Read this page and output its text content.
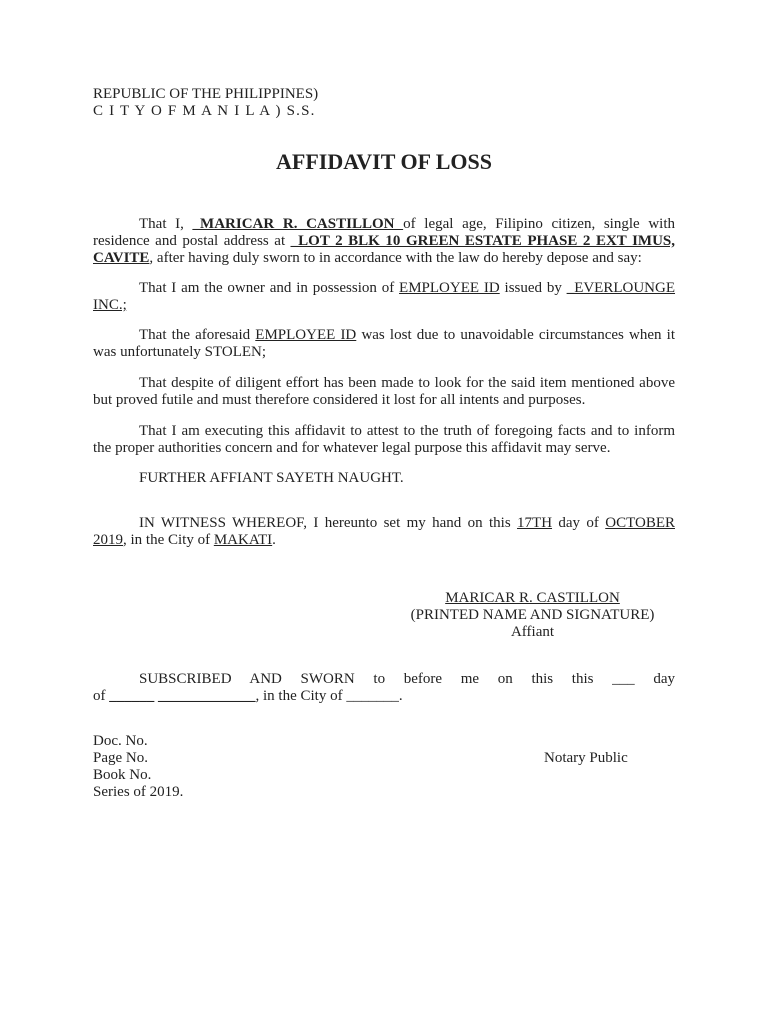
REPUBLIC OF THE PHILIPPINES)
C I T Y O F M A N I L A ) S.S.
AFFIDAVIT OF LOSS
That I, _MARICAR R. CASTILLON of legal age, Filipino citizen, single with residence and postal address at _LOT 2 BLK 10 GREEN ESTATE PHASE 2 EXT IMUS, CAVITE, after having duly sworn to in accordance with the law do hereby depose and say:
That I am the owner and in possession of EMPLOYEE ID issued by _EVERLOUNGE INC.;
That the aforesaid EMPLOYEE ID was lost due to unavoidable circumstances when it was unfortunately STOLEN;
That despite of diligent effort has been made to look for the said item mentioned above but proved futile and must therefore considered it lost for all intents and purposes.
That I am executing this affidavit to attest to the truth of foregoing facts and to inform the proper authorities concern and for whatever legal purpose this affidavit may serve.
FURTHER AFFIANT SAYETH NAUGHT.
IN WITNESS WHEREOF, I hereunto set my hand on this 17TH day of OCTOBER 2019, in the City of MAKATI.
MARICAR R. CASTILLON
(PRINTED NAME AND SIGNATURE)
Affiant
SUBSCRIBED AND SWORN to before me on this this ___ day
of ______ _____________, in the City of _______.
Doc. No.
Page No.
Book No.
Series of 2019.
Notary Public
